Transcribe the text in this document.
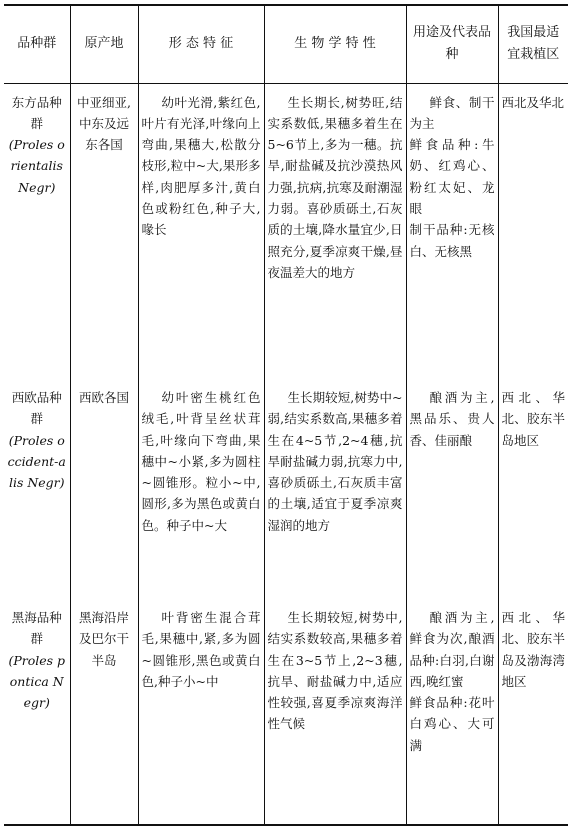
品种群	原产地	形 态 特 征	生 物 学 特 性	用途及代表品种	我国最适宜栽植区

东方品种群
(Proles orientalis Negr)	中亚细亚,中东及远东各国	幼叶光滑,紫红色,叶片有光泽,叶缘向上弯曲,果穗大,松散分枝形,粒中~大,果形多样,肉肥厚多汁,黄白色或粉红色,种子大,喙长	生长期长,树势旺,结实系数低,果穗多着生在5~6节上,多为一穗。抗旱,耐盐碱及抗沙漠热风力强,抗病,抗寒及耐潮湿力弱。喜砂质砾土,石灰质的土壤,降水量宜少,日照充分,夏季凉爽干燥,昼夜温差大的地方	鲜食、制干为主
鲜食品种:牛奶、红鸡心、粉红太妃、龙眼
制干品种:无核白、无核黑	西北及华北

西欧品种群
(Proles occident-alis Negr)	西欧各国	幼叶密生桃红色绒毛,叶背呈丝状茸毛,叶缘向下弯曲,果穗中~小紧,多为圆柱~圆锥形。粒小~中,圆形,多为黑色或黄白色。种子中~大	生长期较短,树势中~弱,结实系数高,果穗多着生在4~5节,2~4穗,抗旱耐盐碱力弱,抗寒力中,喜砂质砾土,石灰质丰富的土壤,适宜于夏季凉爽湿润的地方	酿酒为主,黑品乐、贵人香、佳丽酿	西北、华北、胶东半岛地区

黑海品种群
(Proles pontica Negr)	黑海沿岸及巴尔干半岛	叶背密生混合茸毛,果穗中,紧,多为圆~圆锥形,黑色或黄白色,种子小~中	生长期较短,树势中,结实系数较高,果穗多着生在3~5节上,2~3穗,抗旱、耐盐碱力中,适应性较强,喜夏季凉爽海洋性气候	酿酒为主,鲜食为次,酿酒品种:白羽,白谢西,晚红蜜
鲜食品种:花叶白鸡心、大可满	西北、华北、胶东半岛及渤海湾地区
